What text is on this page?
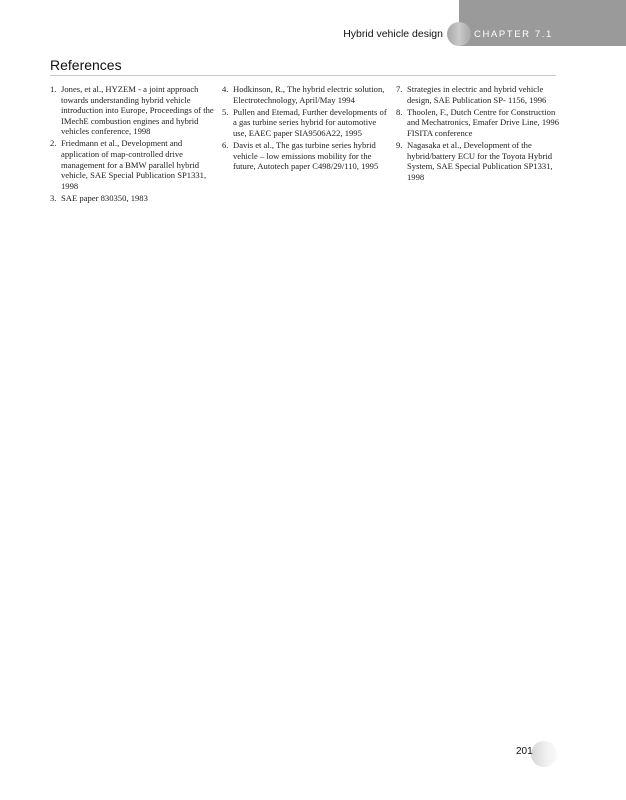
Hybrid vehicle design	CHAPTER 7.1
References
1. Jones, et al., HYZEM - a joint approach towards understanding hybrid vehicle introduction into Europe, Proceedings of the IMechE combustion engines and hybrid vehicles conference, 1998
2. Friedmann et al., Development and application of map-controlled drive management for a BMW parallel hybrid vehicle, SAE Special Publication SP1331, 1998
3. SAE paper 830350, 1983
4. Hodkinson, R., The hybrid electric solution, Electrotechnology, April/May 1994
5. Pullen and Etemad, Further developments of a gas turbine series hybrid for automotive use, EAEC paper SIA9506A22, 1995
6. Davis et al., The gas turbine series hybrid vehicle – low emissions mobility for the future, Autotech paper C498/29/110, 1995
7. Strategies in electric and hybrid vehicle design, SAE Publication SP- 1156, 1996
8. Thoolen, F., Dutch Centre for Construction and Mechatronics, Emafer Drive Line, 1996 FISITA conference
9. Nagasaka et al., Development of the hybrid/battery ECU for the Toyota Hybrid System, SAE Special Publication SP1331, 1998
201
